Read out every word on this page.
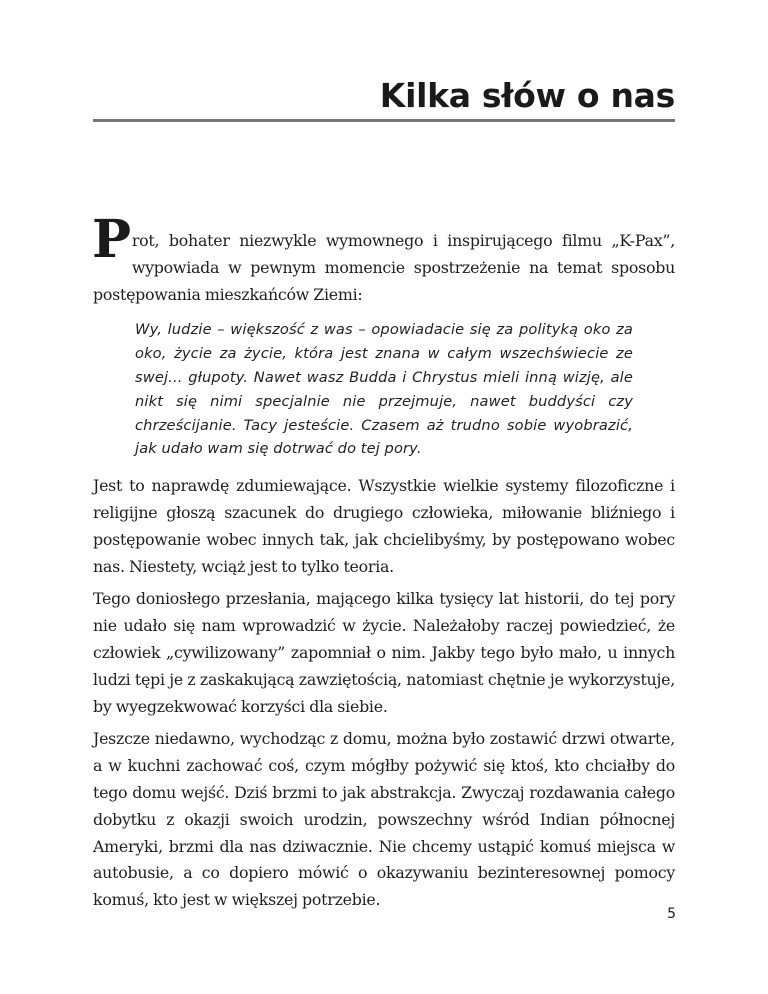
Kilka słów o nas

P rot, bohater niezwykle wymownego i inspirującego filmu „K-Pax”, wypowiada w pewnym momencie spostrzeżenie na temat sposobu postępowania mieszkańców Ziemi:

Wy, ludzie – większość z was – opowiadacie się za polityką oko za oko, życie za życie, która jest znana w całym wszechświecie ze swej... głupoty. Nawet wasz Budda i Chrystus mieli inną wizję, ale nikt się nimi specjalnie nie przejmuje, nawet buddyści czy chrześcijanie. Tacy jesteście. Czasem aż trudno sobie wyobrazić, jak udało wam się dotrwać do tej pory.

Jest to naprawdę zdumiewające. Wszystkie wielkie systemy filozoficzne i religijne głoszą szacunek do drugiego człowieka, miłowanie bliźniego i postępowanie wobec innych tak, jak chcielibyśmy, by postępowano wobec nas. Niestety, wciąż jest to tylko teoria.

Tego doniosłego przesłania, mającego kilka tysięcy lat historii, do tej pory nie udało się nam wprowadzić w życie. Należałoby raczej powiedzieć, że człowiek „cywilizowany” zapomniał o nim. Jakby tego było mało, u innych ludzi tępi je z zaskakującą zawziętością, natomiast chętnie je wykorzystuje, by wyegzekwować korzyści dla siebie.

Jeszcze niedawno, wychodząc z domu, można było zostawić drzwi otwarte, a w kuchni zachować coś, czym mógłby pożywić się ktoś, kto chciałby do tego domu wejść. Dziś brzmi to jak abstrakcja. Zwyczaj rozdawania całego dobytku z okazji swoich urodzin, powszechny wśród Indian północnej Ameryki, brzmi dla nas dziwacznie. Nie chcemy ustąpić komuś miejsca w autobusie, a co dopiero mówić o okazywaniu bezinteresownej pomocy komuś, kto jest w większej potrzebie.

5
